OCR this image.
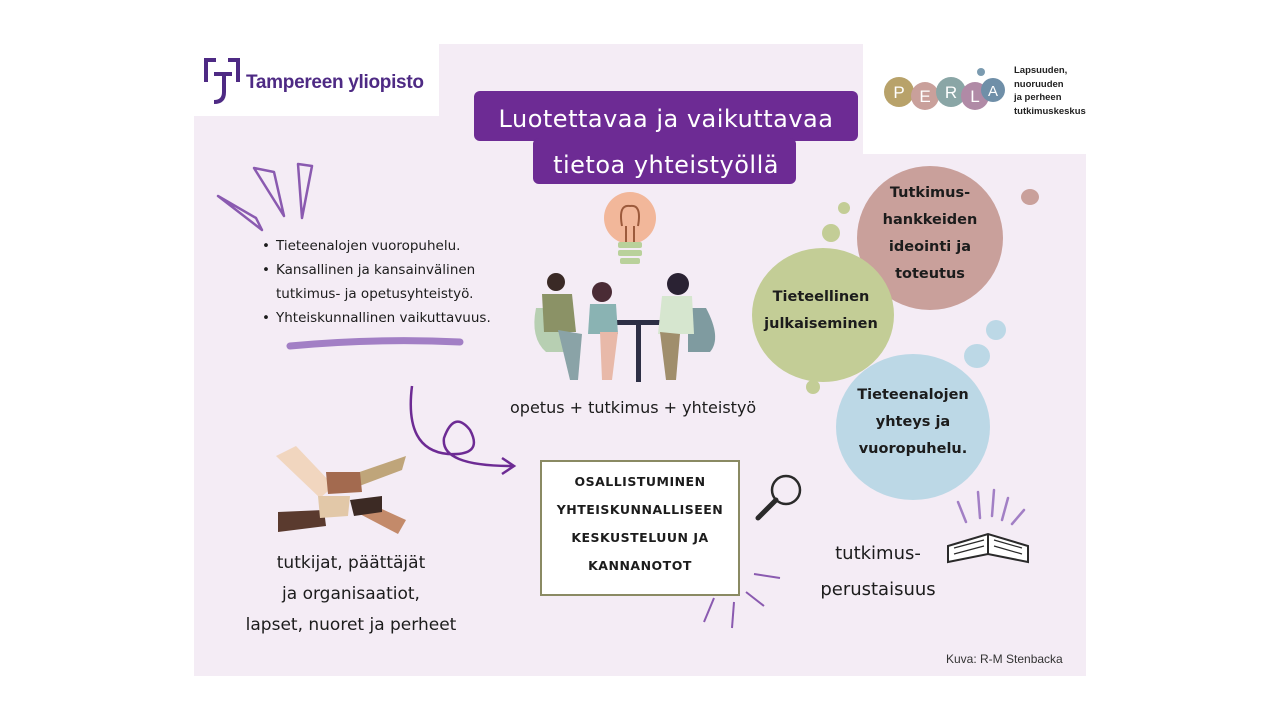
Tampereen yliopisto	P E R L A
Lapsuuden,
nuoruuden
ja perheen
tutkimuskeskus
Luotettavaa ja vaikuttavaa
tietoa yhteistyöllä
• Tieteenalojen vuoropuhelu.
• Kansallinen ja kansainvälinen
tutkimus- ja opetusyhteistyö.
• Yhteiskunnallinen vaikuttavuus.
opetus + tutkimus + yhteistyö
Tutkimus-
hankkeiden
ideointi ja
toteutus
Tieteellinen
julkaiseminen
Tieteenalojen
yhteys ja
vuoropuhelu.
tutkijat, päättäjät
ja organisaatiot,
lapset, nuoret ja perheet
OSALLISTUMINEN
YHTEISKUNNALLISEEN
KESKUSTELUUN JA
KANNANOTOT
tutkimus-
perustaisuus
Kuva: R-M Stenbacka
